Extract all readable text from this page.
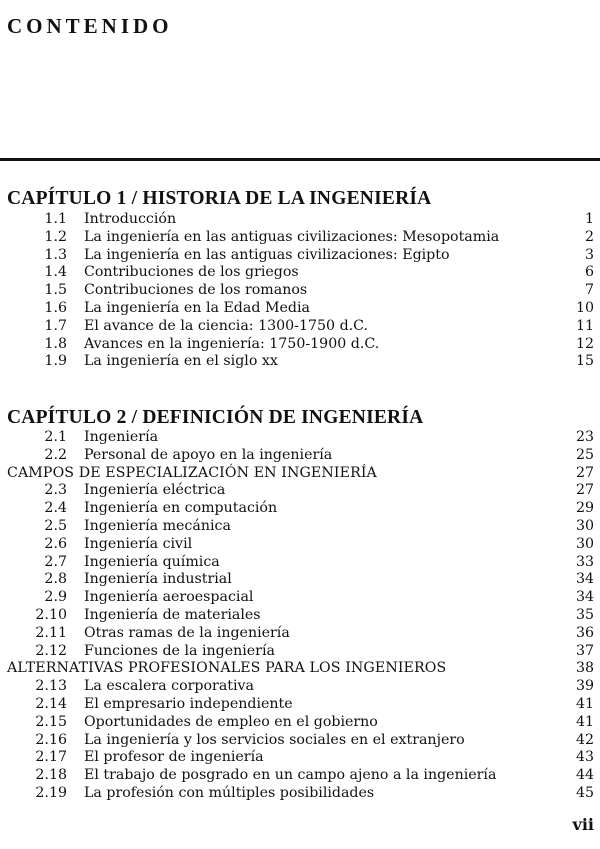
CONTENIDO
CAPÍTULO 1 / HISTORIA DE LA INGENIERÍA
1.1 Introducción	1
1.2 La ingeniería en las antiguas civilizaciones: Mesopotamia	2
1.3 La ingeniería en las antiguas civilizaciones: Egipto	3
1.4 Contribuciones de los griegos	6
1.5 Contribuciones de los romanos	7
1.6 La ingeniería en la Edad Media	10
1.7 El avance de la ciencia: 1300-1750 d.C.	11
1.8 Avances en la ingeniería: 1750-1900 d.C.	12
1.9 La ingeniería en el siglo xx	15
CAPÍTULO 2 / DEFINICIÓN DE INGENIERÍA
2.1 Ingeniería	23
2.2 Personal de apoyo en la ingeniería	25
CAMPOS DE ESPECIALIZACIÓN EN INGENIERÍA	27
2.3 Ingeniería eléctrica	27
2.4 Ingeniería en computación	29
2.5 Ingeniería mecánica	30
2.6 Ingeniería civil	30
2.7 Ingeniería química	33
2.8 Ingeniería industrial	34
2.9 Ingeniería aeroespacial	34
2.10 Ingeniería de materiales	35
2.11 Otras ramas de la ingeniería	36
2.12 Funciones de la ingeniería	37
ALTERNATIVAS PROFESIONALES PARA LOS INGENIEROS	38
2.13 La escalera corporativa	39
2.14 El empresario independiente	41
2.15 Oportunidades de empleo en el gobierno	41
2.16 La ingeniería y los servicios sociales en el extranjero	42
2.17 El profesor de ingeniería	43
2.18 El trabajo de posgrado en un campo ajeno a la ingeniería	44
2.19 La profesión con múltiples posibilidades	45

vii
